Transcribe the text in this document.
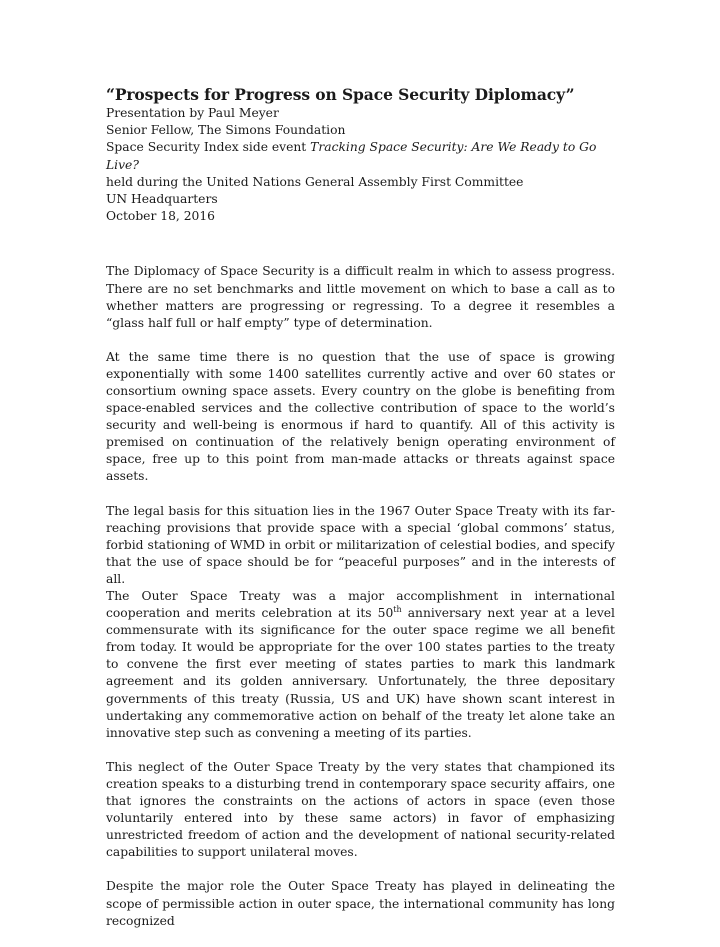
“Prospects for Progress on Space Security Diplomacy”

Presentation by Paul Meyer

Senior Fellow, The Simons Foundation

Space Security Index side event Tracking Space Security: Are We Ready to Go Live?

held during the United Nations General Assembly First Committee

UN Headquarters

October 18, 2016

The Diplomacy of Space Security is a difficult realm in which to assess progress. There are no set benchmarks and little movement on which to base a call as to whether matters are progressing or regressing. To a degree it resembles a “glass half full or half empty” type of determination.

At the same time there is no question that the use of space is growing exponentially with some 1400 satellites currently active and over 60 states or consortium owning space assets. Every country on the globe is benefiting from space-enabled services and the collective contribution of space to the world’s security and well-being is enormous if hard to quantify. All of this activity is premised on continuation of the relatively benign operating environment of space, free up to this point from man-made attacks or threats against space assets.

The legal basis for this situation lies in the 1967 Outer Space Treaty with its far-reaching provisions that provide space with a special ‘global commons’ status, forbid stationing of WMD in orbit or militarization of celestial bodies, and specify that the use of space should be for “peaceful purposes” and in the interests of all.

The Outer Space Treaty was a major accomplishment in international cooperation and merits celebration at its 50th anniversary next year at a level commensurate with its significance for the outer space regime we all benefit from today. It would be appropriate for the over 100 states parties to the treaty to convene the first ever meeting of states parties to mark this landmark agreement and its golden anniversary. Unfortunately, the three depositary governments of this treaty (Russia, US and UK) have shown scant interest in undertaking any commemorative action on behalf of the treaty let alone take an innovative step such as convening a meeting of its parties.

This neglect of the Outer Space Treaty by the very states that championed its creation speaks to a disturbing trend in contemporary space security affairs, one that ignores the constraints on the actions of actors in space (even those voluntarily entered into by these same actors) in favor of emphasizing unrestricted freedom of action and the development of national security-related capabilities to support unilateral moves.

Despite the major role the Outer Space Treaty has played in delineating the scope of permissible action in outer space, the international community has long recognized
